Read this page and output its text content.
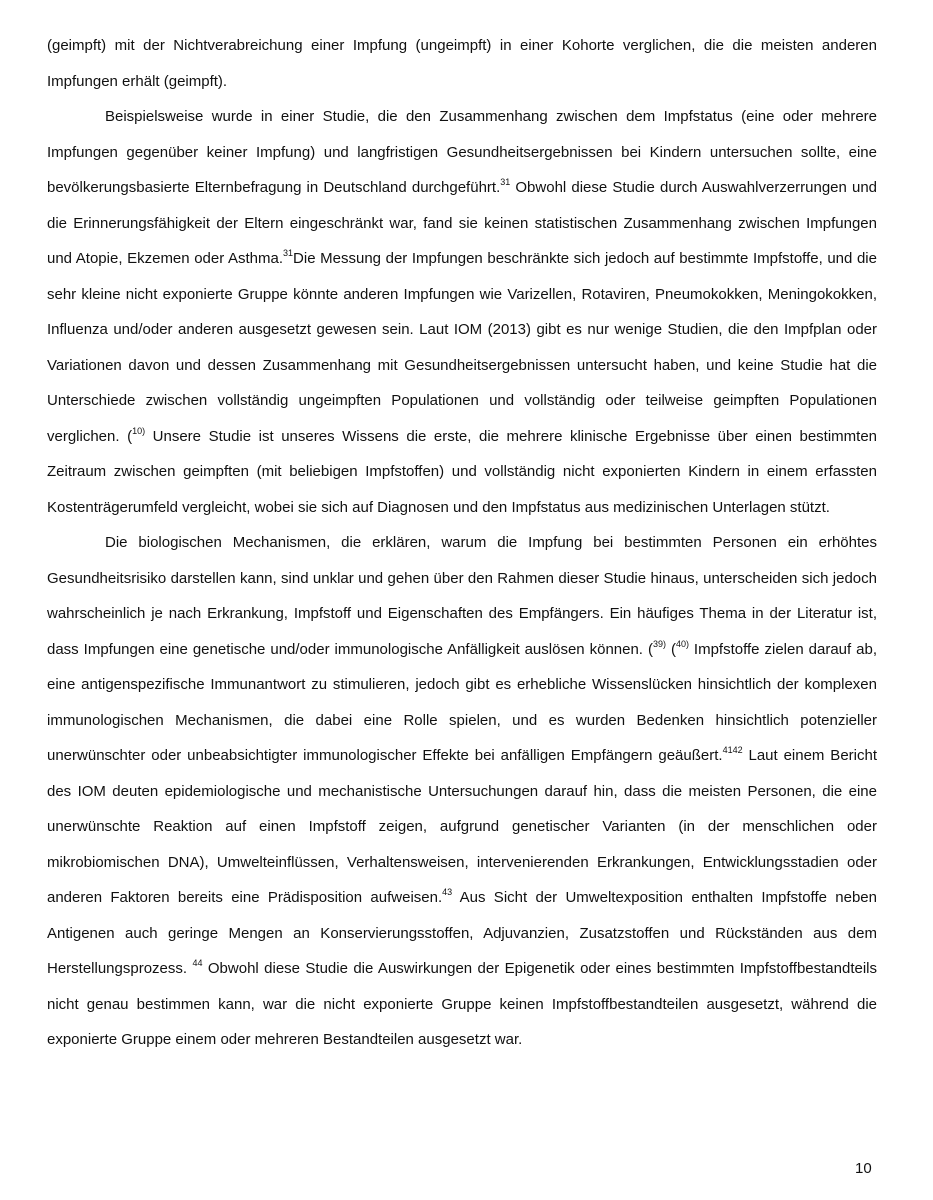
(geimpft) mit der Nichtverabreichung einer Impfung (ungeimpft) in einer Kohorte verglichen, die die meisten anderen Impfungen erhält (geimpft).

Beispielsweise wurde in einer Studie, die den Zusammenhang zwischen dem Impfstatus (eine oder mehrere Impfungen gegenüber keiner Impfung) und langfristigen Gesundheitsergebnissen bei Kindern untersuchen sollte, eine bevölkerungsbasierte Elternbefragung in Deutschland durchgeführt.$^{31}$ Obwohl diese Studie durch Auswahlverzerrungen und die Erinnerungsfähigkeit der Eltern eingeschränkt war, fand sie keinen statistischen Zusammenhang zwischen Impfungen und Atopie, Ekzemen oder Asthma.$^{31}$Die Messung der Impfungen beschränkte sich jedoch auf bestimmte Impfstoffe, und die sehr kleine nicht exponierte Gruppe könnte anderen Impfungen wie Varizellen, Rotaviren, Pneumokokken, Meningokokken, Influenza und/oder anderen ausgesetzt gewesen sein. Laut IOM (2013) gibt es nur wenige Studien, die den Impfplan oder Variationen davon und dessen Zusammenhang mit Gesundheitsergebnissen untersucht haben, und keine Studie hat die Unterschiede zwischen vollständig ungeimpften Populationen und vollständig oder teilweise geimpften Populationen verglichen. ($^{10)}$ Unsere Studie ist unseres Wissens die erste, die mehrere klinische Ergebnisse über einen bestimmten Zeitraum zwischen geimpften (mit beliebigen Impfstoffen) und vollständig nicht exponierten Kindern in einem erfassten Kostenträgerumfeld vergleicht, wobei sie sich auf Diagnosen und den Impfstatus aus medizinischen Unterlagen stützt.

Die biologischen Mechanismen, die erklären, warum die Impfung bei bestimmten Personen ein erhöhtes Gesundheitsrisiko darstellen kann, sind unklar und gehen über den Rahmen dieser Studie hinaus, unterscheiden sich jedoch wahrscheinlich je nach Erkrankung, Impfstoff und Eigenschaften des Empfängers. Ein häufiges Thema in der Literatur ist, dass Impfungen eine genetische und/oder immunologische Anfälligkeit auslösen können. ($^{39)}$ ($^{40)}$ Impfstoffe zielen darauf ab, eine antigenspezifische Immunantwort zu stimulieren, jedoch gibt es erhebliche Wissenslücken hinsichtlich der komplexen immunologischen Mechanismen, die dabei eine Rolle spielen, und es wurden Bedenken hinsichtlich potenzieller unerwünschter oder unbeabsichtigter immunologischer Effekte bei anfälligen Empfängern geäußert.$^{4142}$ Laut einem Bericht des IOM deuten epidemiologische und mechanistische Untersuchungen darauf hin, dass die meisten Personen, die eine unerwünschte Reaktion auf einen Impfstoff zeigen, aufgrund genetischer Varianten (in der menschlichen oder mikrobiomischen DNA), Umwelteinflüssen, Verhaltensweisen, intervenierenden Erkrankungen, Entwicklungsstadien oder anderen Faktoren bereits eine Prädisposition aufweisen.$^{43}$ Aus Sicht der Umweltexposition enthalten Impfstoffe neben Antigenen auch geringe Mengen an Konservierungsstoffen, Adjuvanzien, Zusatzstoffen und Rückständen aus dem Herstellungsprozess. $^{44}$ Obwohl diese Studie die Auswirkungen der Epigenetik oder eines bestimmten Impfstoffbestandteils nicht genau bestimmen kann, war die nicht exponierte Gruppe keinen Impfstoffbestandteilen ausgesetzt, während die exponierte Gruppe einem oder mehreren Bestandteilen ausgesetzt war.

10
